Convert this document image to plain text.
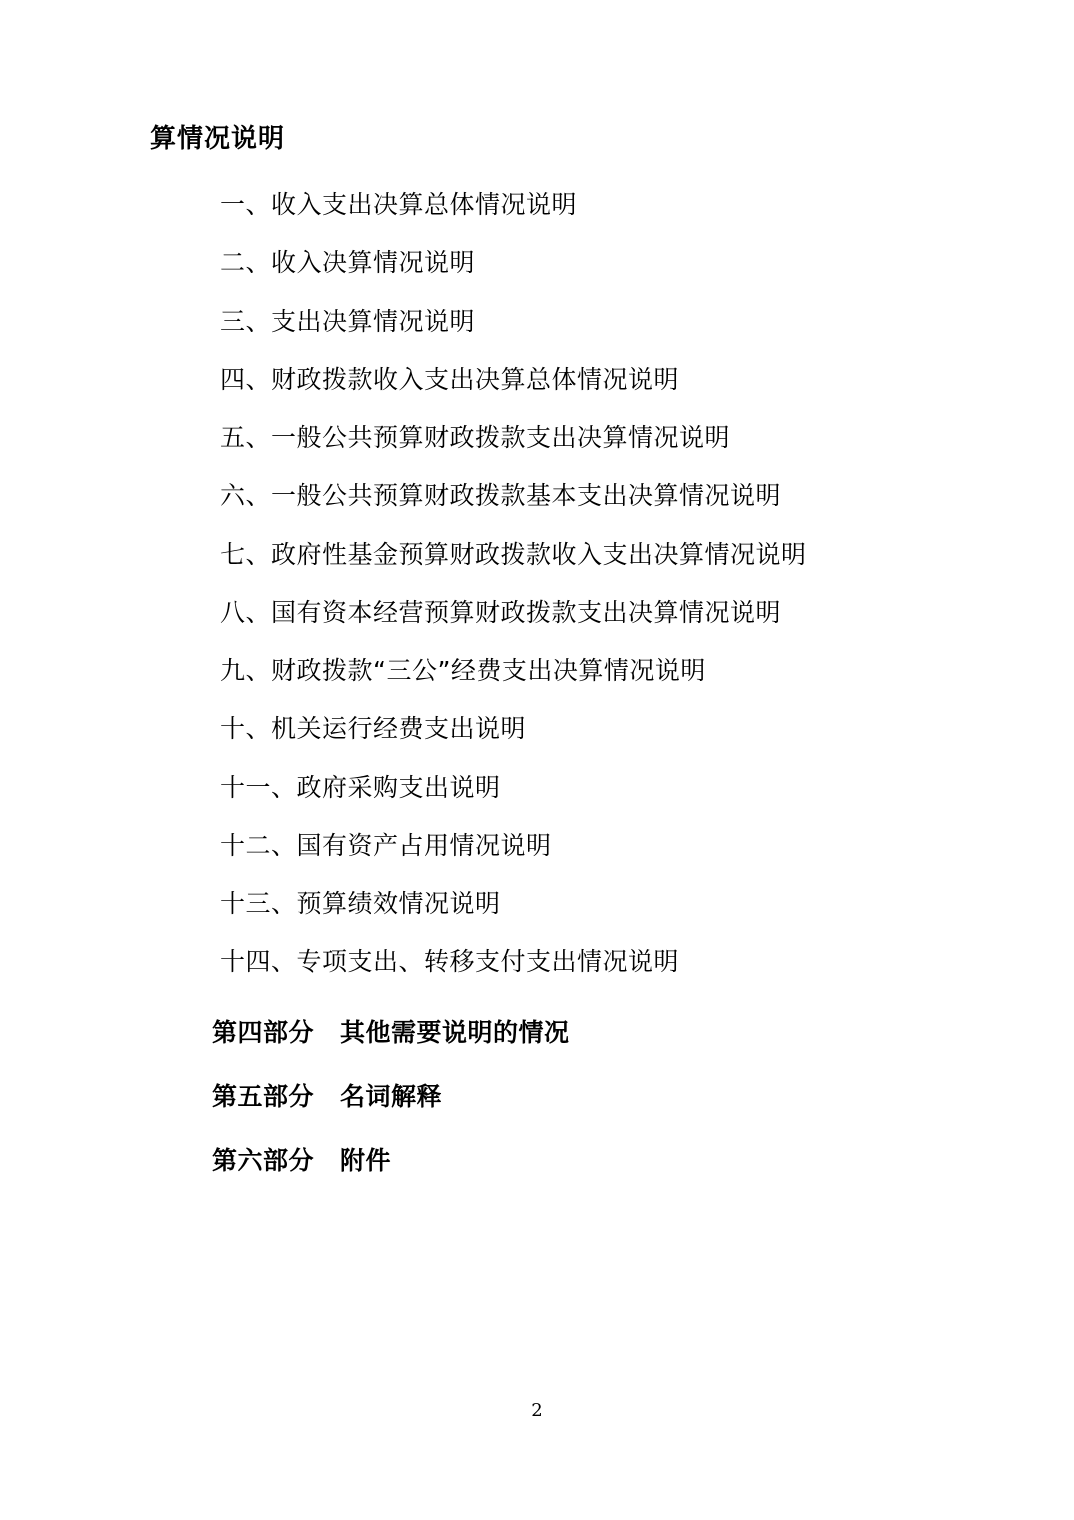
算情况说明
一、收入支出决算总体情况说明
二、收入决算情况说明
三、支出决算情况说明
四、财政拨款收入支出决算总体情况说明
五、一般公共预算财政拨款支出决算情况说明
六、一般公共预算财政拨款基本支出决算情况说明
七、政府性基金预算财政拨款收入支出决算情况说明
八、国有资本经营预算财政拨款支出决算情况说明
九、财政拨款“三公”经费支出决算情况说明
十、机关运行经费支出说明
十一、政府采购支出说明
十二、国有资产占用情况说明
十三、预算绩效情况说明
十四、专项支出、转移支付支出情况说明
第四部分 其他需要说明的情况
第五部分 名词解释
第六部分 附件
2
